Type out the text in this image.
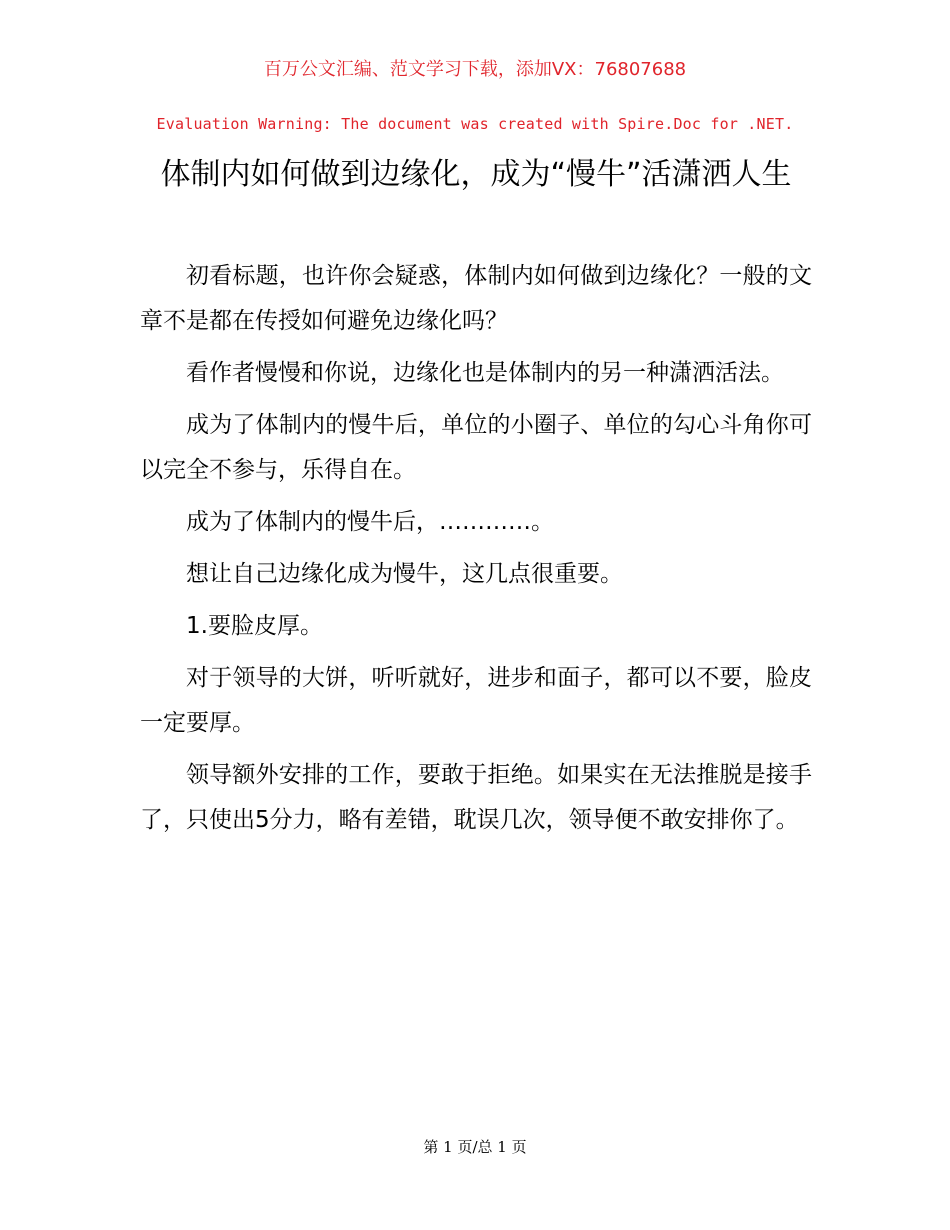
百万公文汇编、范文学习下载，添加VX：76807688
Evaluation Warning: The document was created with Spire.Doc for .NET.
体制内如何做到边缘化，成为“慢牛”活潇洒人生

初看标题，也许你会疑惑，体制内如何做到边缘化？一般的文章不是都在传授如何避免边缘化吗？

看作者慢慢和你说，边缘化也是体制内的另一种潇洒活法。

成为了体制内的慢牛后，单位的小圈子、单位的勾心斗角你可以完全不参与，乐得自在。

成为了体制内的慢牛后，…………。

想让自己边缘化成为慢牛，这几点很重要。

1.要脸皮厚。

对于领导的大饼，听听就好，进步和面子，都可以不要，脸皮一定要厚。

领导额外安排的工作，要敢于拒绝。如果实在无法推脱是接手了，只使出5分力，略有差错，耽误几次，领导便不敢安排你了。

第 1 页/总 1 页
